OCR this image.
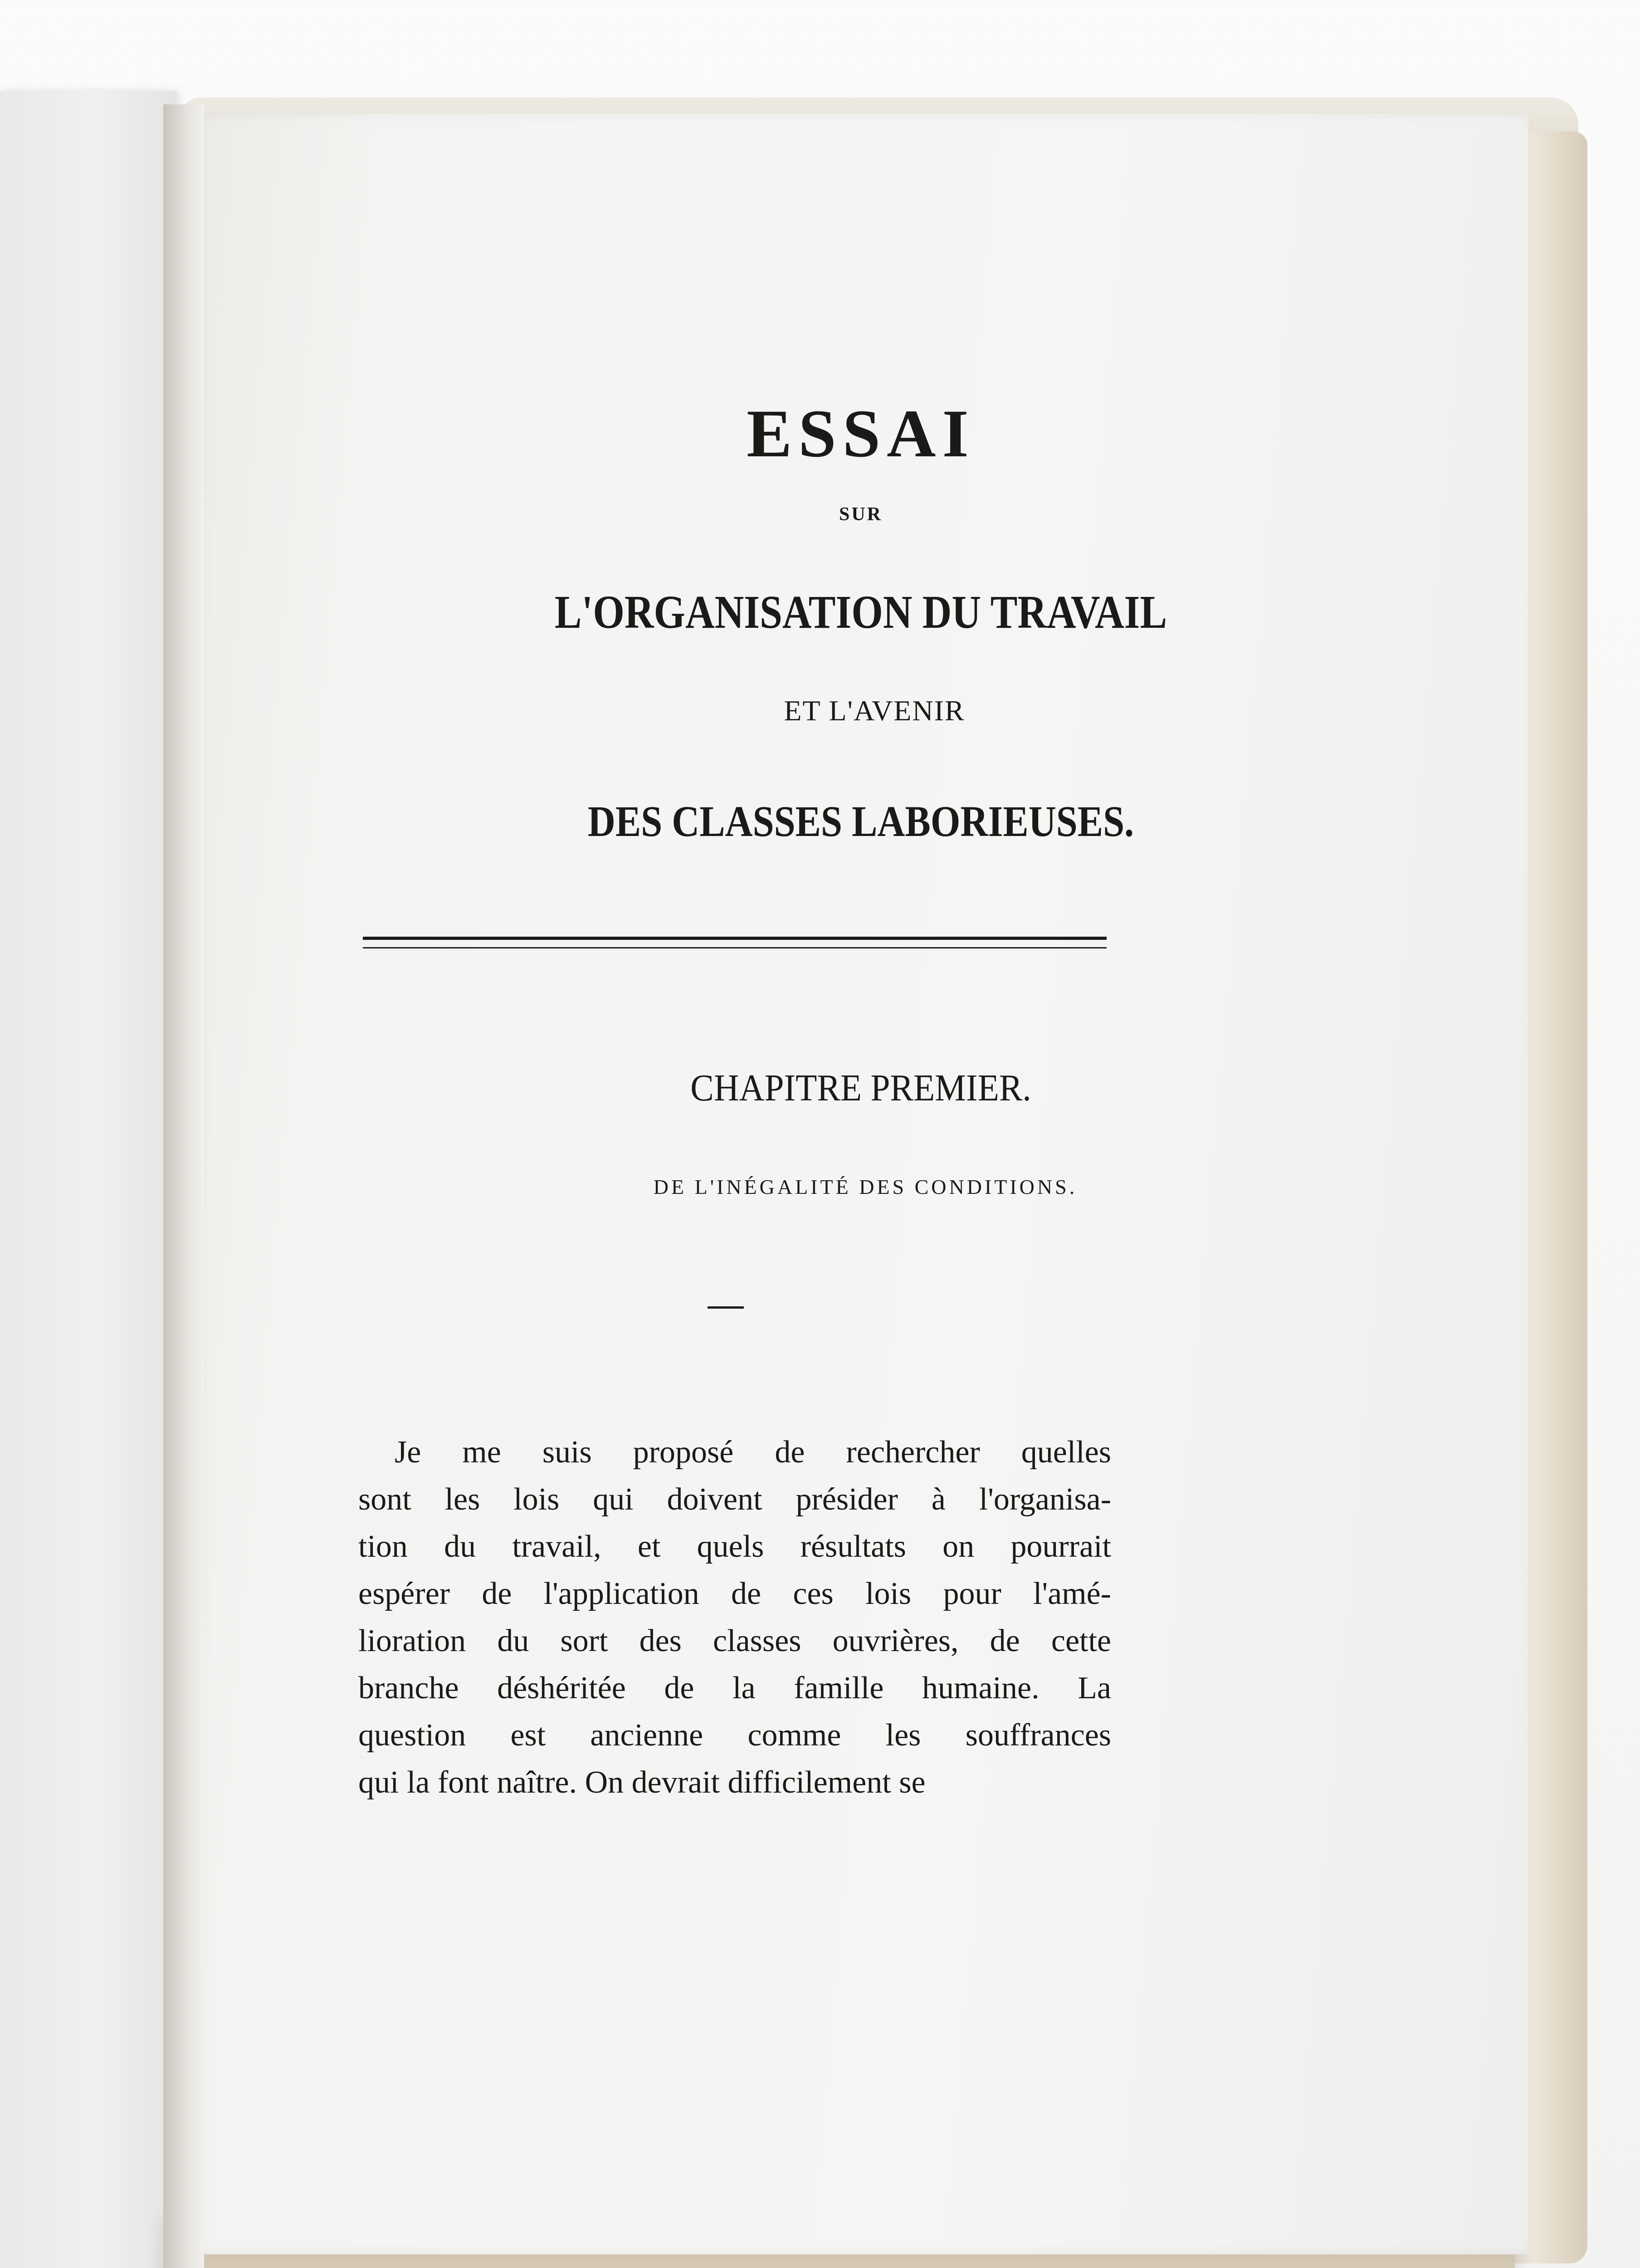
ESSAI
SUR
L'ORGANISATION DU TRAVAIL
ET L'AVENIR
DES CLASSES LABORIEUSES.
CHAPITRE PREMIER.
DE L'INÉGALITÉ DES CONDITIONS.
Je me suis proposé de rechercher quelles
sont les lois qui doivent présider à l'organisa-
tion du travail, et quels résultats on pourrait
espérer de l'application de ces lois pour l'amé-
lioration du sort des classes ouvrières, de cette
branche déshéritée de la famille humaine. La
question est ancienne comme les souffrances
qui la font naître. On devrait difficilement se
